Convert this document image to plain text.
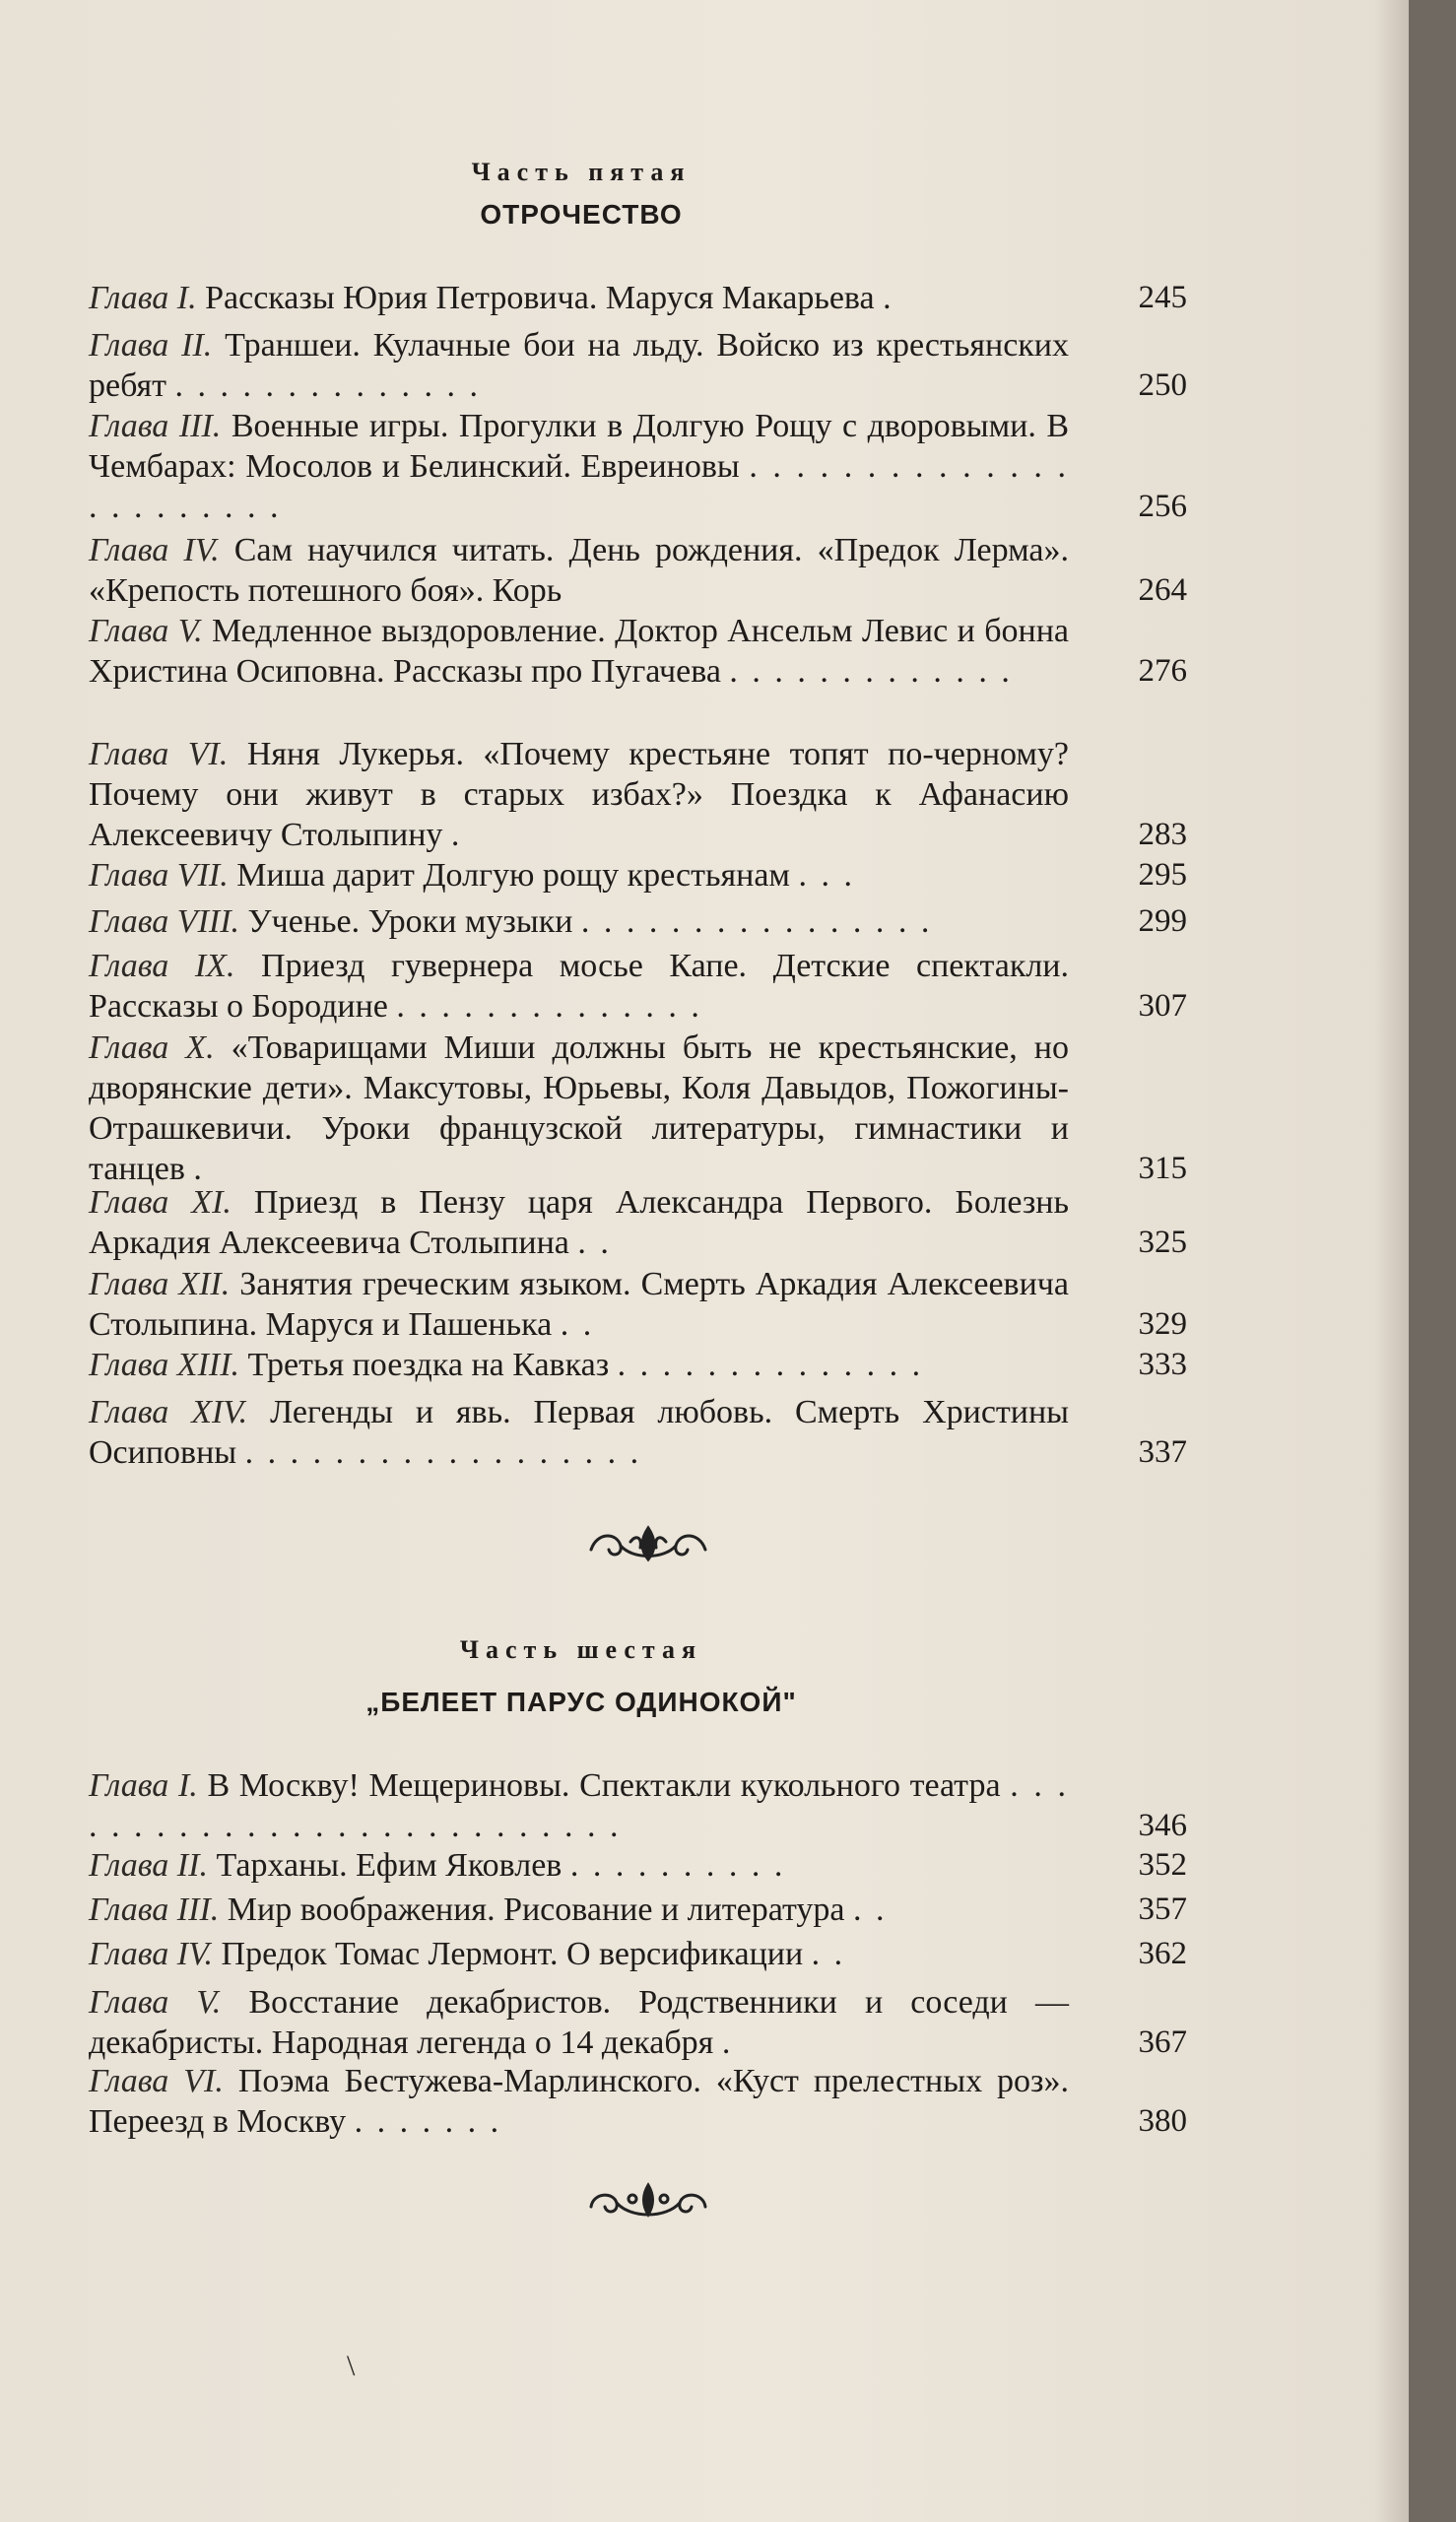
Часть пятая

ОТРОЧЕСТВО

Глава I. Рассказы Юрия Петровича. Маруся Макарьева .	245
Глава II. Траншеи. Кулачные бои на льду. Войско из крестьянских ребят . . . . . . . . . . . . . .	250
Глава III. Военные игры. Прогулки в Долгую Рощу с дворовыми. В Чембарах: Мосолов и Белинский. Евреиновы . . . . . . . . . . . . . . . . . . . . . . .	256
Глава IV. Сам научился читать. День рождения. «Предок Лерма». «Крепость потешного боя». Корь	264
Глава V. Медленное выздоровление. Доктор Ансельм Левис и бонна Христина Осиповна. Рассказы про Пугачева . . . . . . . . . . . . .	276
Глава VI. Няня Лукерья. «Почему крестьяне топят по-черному? Почему они живут в старых избах?» Поездка к Афанасию Алексеевичу Столыпину .	283
Глава VII. Миша дарит Долгую рощу крестьянам . . .	295
Глава VIII. Ученье. Уроки музыки . . . . . . . . . . . . . . . .	299
Глава IX. Приезд гувернера мосье Капе. Детские спектакли. Рассказы о Бородине . . . . . . . . . . . . . .	307
Глава X. «Товарищами Миши должны быть не крестьянские, но дворянские дети». Максутовы, Юрьевы, Коля Давыдов, Пожогины-Отрашкевичи. Уроки французской литературы, гимнастики и танцев .	315
Глава XI. Приезд в Пензу царя Александра Первого. Болезнь Аркадия Алексеевича Столыпина . .	325
Глава XII. Занятия греческим языком. Смерть Аркадия Алексеевича Столыпина. Маруся и Пашенька . .	329
Глава XIII. Третья поездка на Кавказ . . . . . . . . . . . . . .	333
Глава XIV. Легенды и явь. Первая любовь. Смерть Христины Осиповны . . . . . . . . . . . . . . . . . .	337

Часть шестая

„БЕЛЕЕТ ПАРУС ОДИНОКОЙ"

Глава I. В Москву! Мещериновы. Спектакли кукольного театра . . . . . . . . . . . . . . . . . . . . . . . . . . .	346
Глава II. Тарханы. Ефим Яковлев . . . . . . . . . .	352
Глава III. Мир воображения. Рисование и литература . .	357
Глава IV. Предок Томас Лермонт. О версификации . .	362
Глава V. Восстание декабристов. Родственники и соседи — декабристы. Народная легенда о 14 декабря .	367
Глава VI. Поэма Бестужева-Марлинского. «Куст прелестных роз». Переезд в Москву . . . . . . .	380
\
